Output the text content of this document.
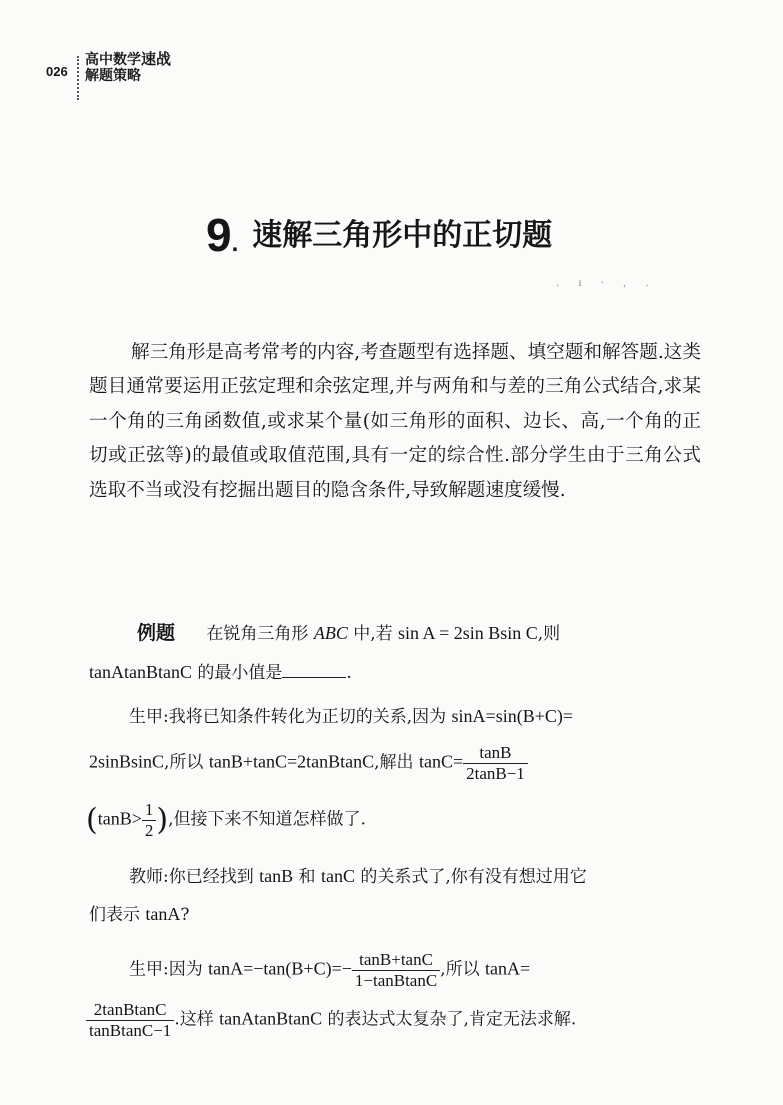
026
高中数学速战
解题策略
9. 速解三角形中的正切题
. ı · , .
解三角形是高考常考的内容,考查题型有选择题、填空题和解答题.这类题目通常要运用正弦定理和余弦定理,并与两角和与差的三角公式结合,求某一个角的三角函数值,或求某个量(如三角形的面积、边长、高,一个角的正切或正弦等)的最值或取值范围,具有一定的综合性.部分学生由于三角公式选取不当或没有挖掘出题目的隐含条件,导致解题速度缓慢.
例题 在锐角三角形 ABC 中,若 sin A = 2sin Bsin C,则
tanAtanBtanC 的最小值是	.
生甲:我将已知条件转化为正切的关系,因为 sinA=sin(B+C)=
2sinBsinC,所以 tanB+tanC=2tanBtanC,解出 $\tan C= \frac{\tan B}{2\tan B-1}$
($\tan B> \frac{1}{2}$ ),但接下来不知道怎样做了.
教师:你已经找到 tanB 和 tanC 的关系式了,你有没有想过用它
们表示 tanA?
生甲:因为 $\tan A=-\tan(B+C)=- \frac{\tan B+\tan C}{\text{1−tanBtanC}}$ ,所以 tanA=
$\frac{\text{2tanBtanC}}{\text{tanBtanC−1}}$ .这样 tanAtanBtanC 的表达式太复杂了,肯定无法求解.
